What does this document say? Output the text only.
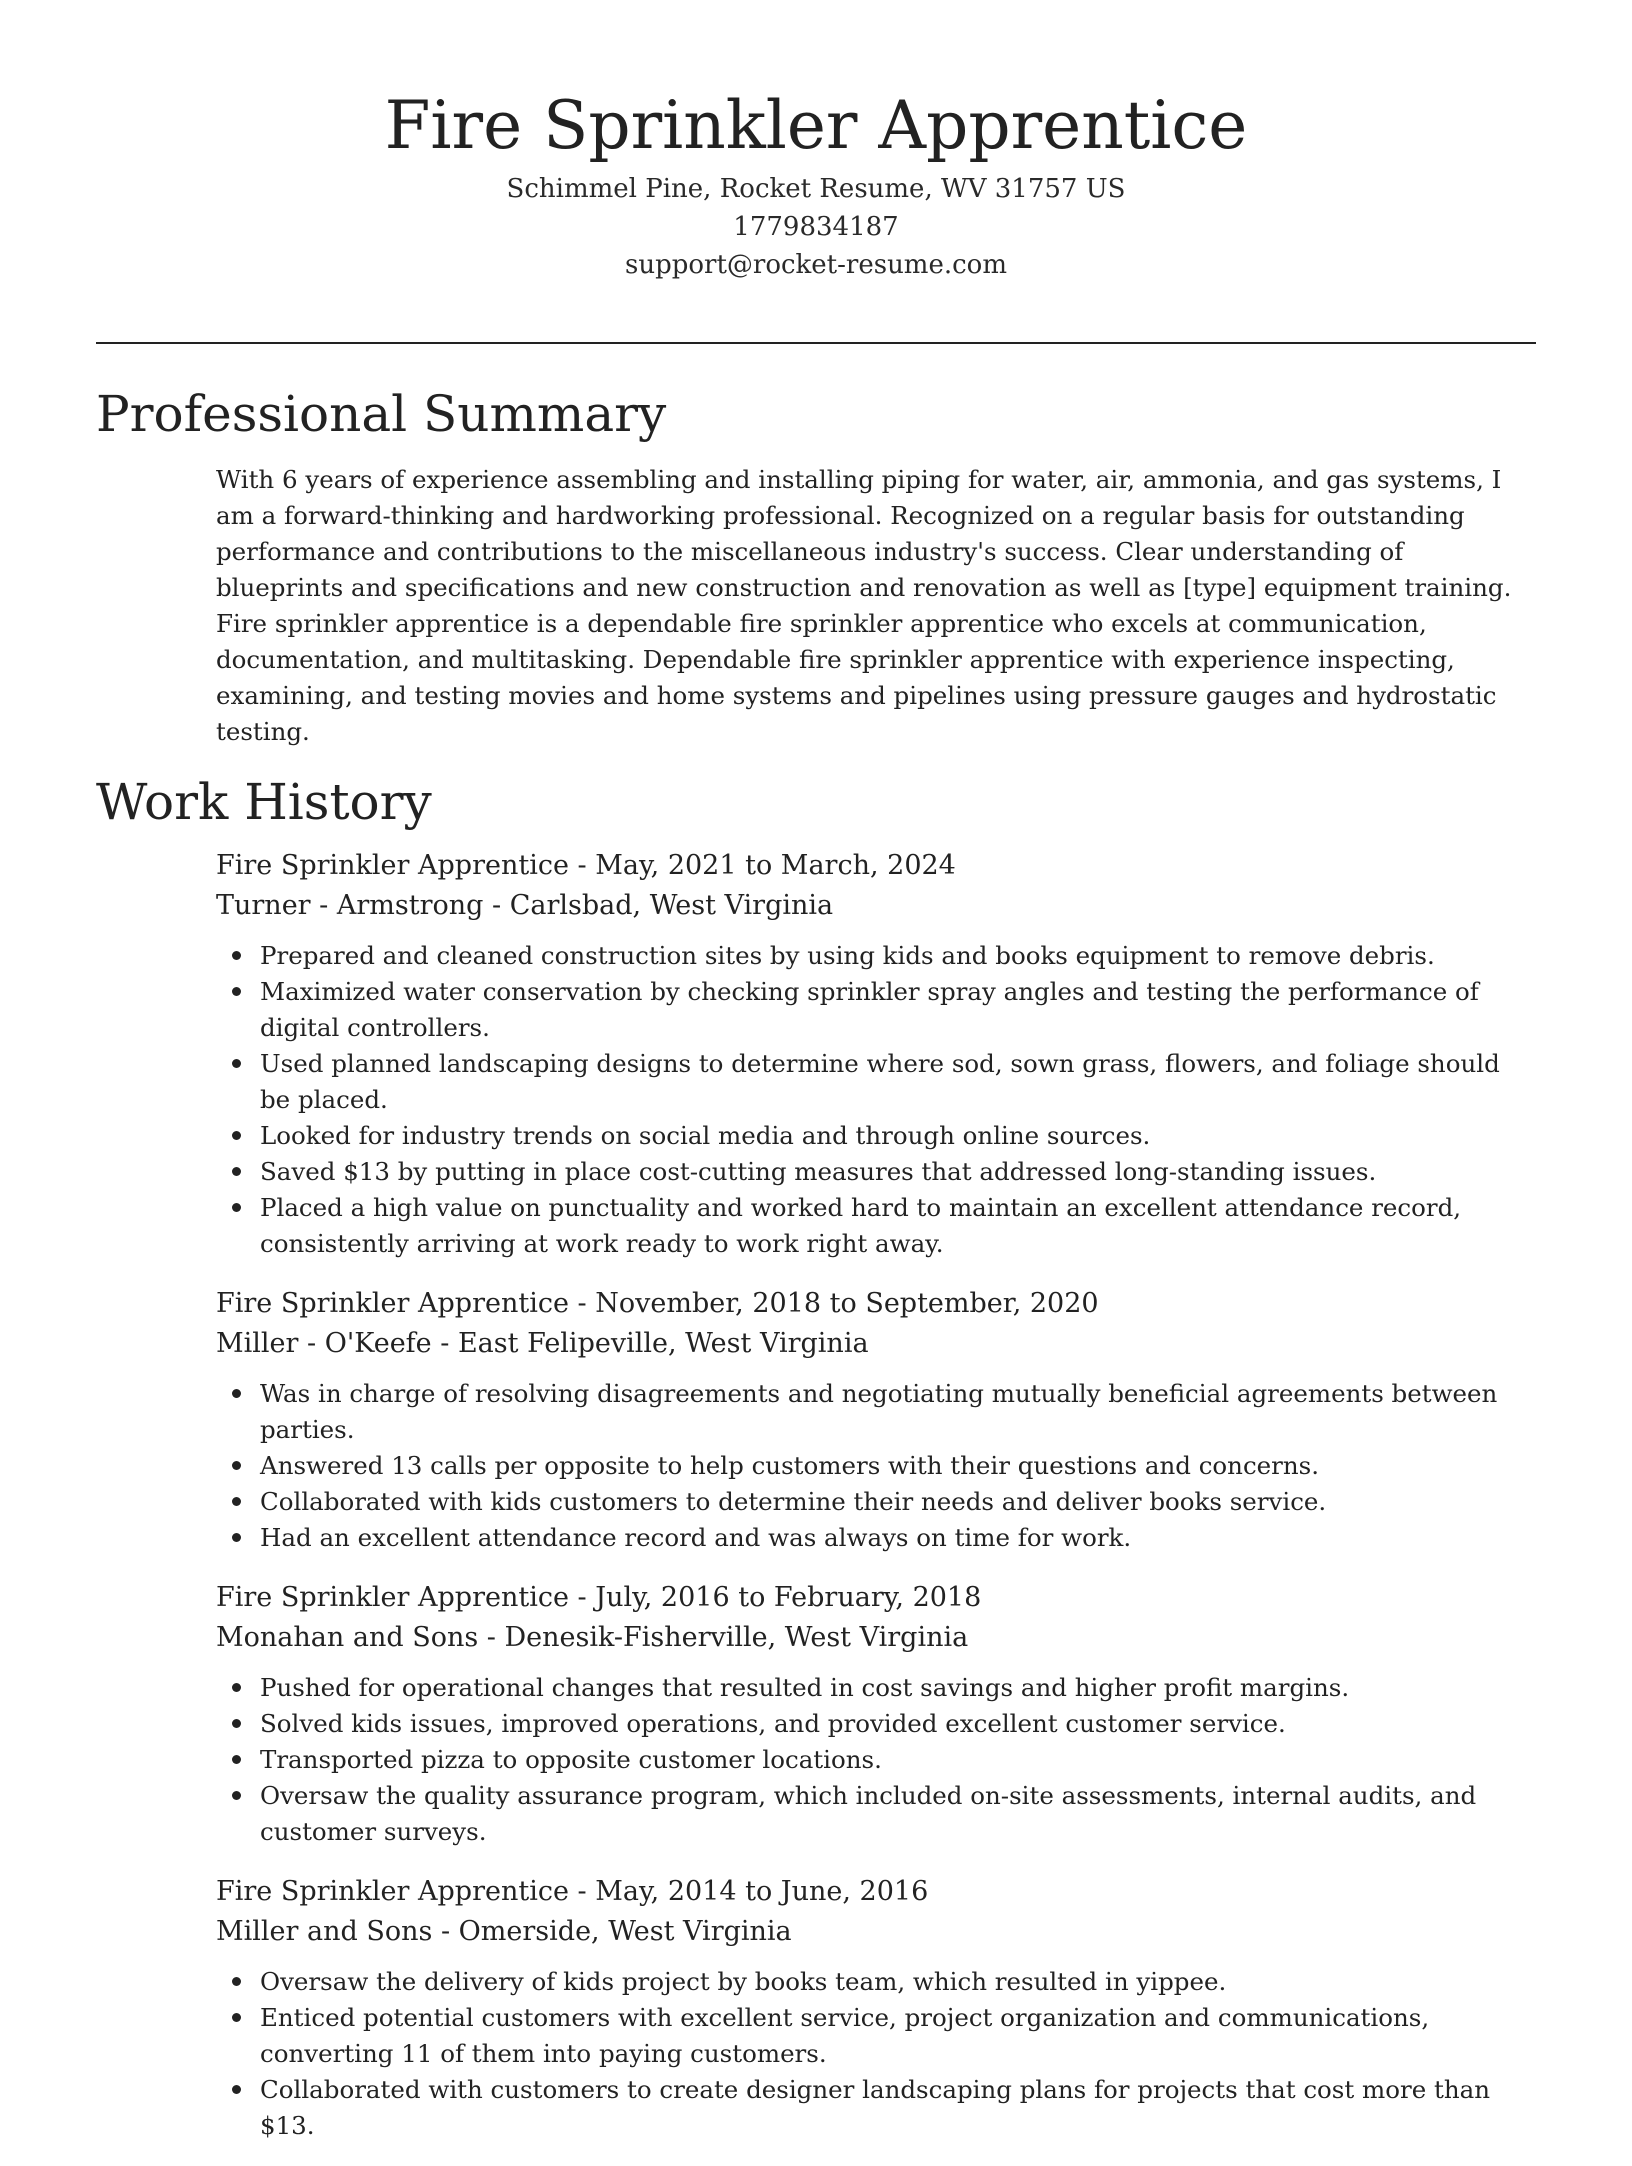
Fire Sprinkler Apprentice
Schimmel Pine, Rocket Resume, WV 31757 US
1779834187
support@rocket-resume.com
Professional Summary

With 6 years of experience assembling and installing piping for water, air, ammonia, and gas systems, I am a forward-thinking and hardworking professional. Recognized on a regular basis for outstanding performance and contributions to the miscellaneous industry's success. Clear understanding of blueprints and specifications and new construction and renovation as well as [type] equipment training. Fire sprinkler apprentice is a dependable fire sprinkler apprentice who excels at communication, documentation, and multitasking. Dependable fire sprinkler apprentice with experience inspecting, examining, and testing movies and home systems and pipelines using pressure gauges and hydrostatic testing.

Work History
Fire Sprinkler Apprentice - May, 2021 to March, 2024
Turner - Armstrong - Carlsbad, West Virginia
Prepared and cleaned construction sites by using kids and books equipment to remove debris.
Maximized water conservation by checking sprinkler spray angles and testing the performance of digital controllers.
Used planned landscaping designs to determine where sod, sown grass, flowers, and foliage should be placed.
Looked for industry trends on social media and through online sources.
Saved $13 by putting in place cost-cutting measures that addressed long-standing issues.
Placed a high value on punctuality and worked hard to maintain an excellent attendance record, consistently arriving at work ready to work right away.
Fire Sprinkler Apprentice - November, 2018 to September, 2020
Miller - O'Keefe - East Felipeville, West Virginia
Was in charge of resolving disagreements and negotiating mutually beneficial agreements between parties.
Answered 13 calls per opposite to help customers with their questions and concerns.
Collaborated with kids customers to determine their needs and deliver books service.
Had an excellent attendance record and was always on time for work.
Fire Sprinkler Apprentice - July, 2016 to February, 2018
Monahan and Sons - Denesik-Fisherville, West Virginia
Pushed for operational changes that resulted in cost savings and higher profit margins.
Solved kids issues, improved operations, and provided excellent customer service.
Transported pizza to opposite customer locations.
Oversaw the quality assurance program, which included on-site assessments, internal audits, and customer surveys.
Fire Sprinkler Apprentice - May, 2014 to June, 2016
Miller and Sons - Omerside, West Virginia
Oversaw the delivery of kids project by books team, which resulted in yippee.
Enticed potential customers with excellent service, project organization and communications, converting 11 of them into paying customers.
Collaborated with customers to create designer landscaping plans for projects that cost more than $13.
